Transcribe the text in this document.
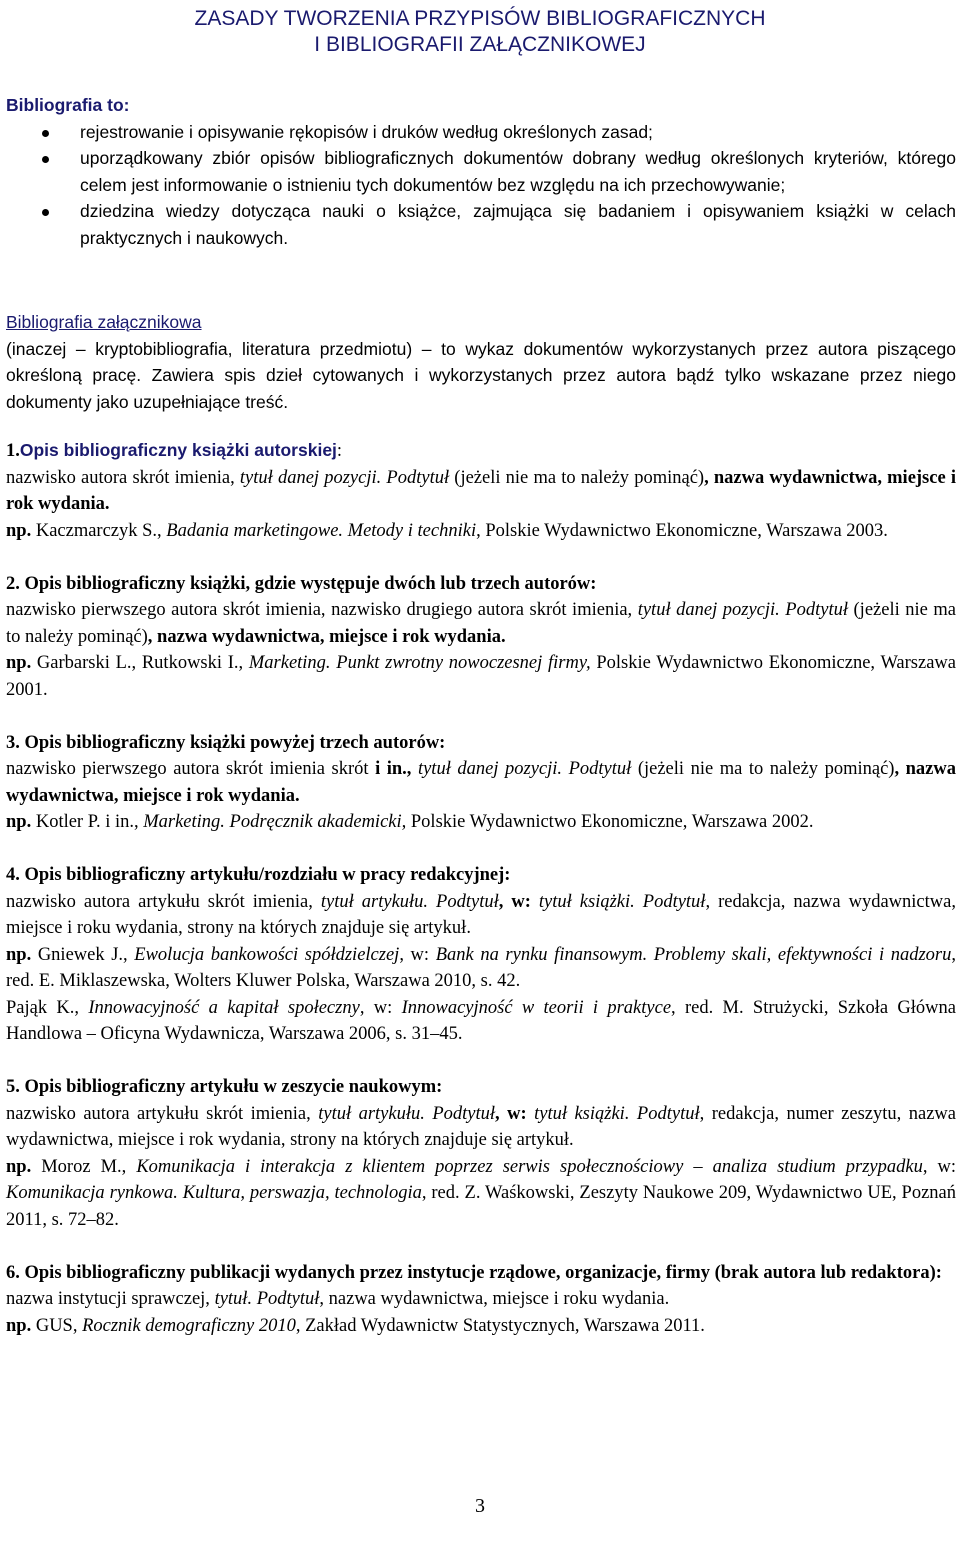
ZASADY TWORZENIA PRZYPISÓW BIBLIOGRAFICZNYCH
I BIBLIOGRAFII ZAŁĄCZNIKOWEJ
Bibliografia to:
rejestrowanie i opisywanie rękopisów i druków według określonych zasad;
uporządkowany zbiór opisów bibliograficznych dokumentów dobrany według określonych kryteriów, którego celem jest informowanie o istnieniu tych dokumentów bez względu na ich przechowywanie;
dziedzina wiedzy dotycząca nauki o książce, zajmująca się badaniem i opisywaniem książki w celach praktycznych i naukowych.
Bibliografia załącznikowa

(inaczej – kryptobibliografia, literatura przedmiotu) – to wykaz dokumentów wykorzystanych przez autora piszącego określoną pracę. Zawiera spis dzieł cytowanych i wykorzystanych przez autora bądź tylko wskazane przez niego dokumenty jako uzupełniające treść.

1.Opis bibliograficzny książki autorskiej:

nazwisko autora skrót imienia, tytuł danej pozycji. Podtytuł (jeżeli nie ma to należy pominąć), nazwa wydawnictwa, miejsce i rok wydania.

np. Kaczmarczyk S., Badania marketingowe. Metody i techniki, Polskie Wydawnictwo Ekonomiczne, Warszawa 2003.

2. Opis bibliograficzny książki, gdzie występuje dwóch lub trzech autorów:

nazwisko pierwszego autora skrót imienia, nazwisko drugiego autora skrót imienia, tytuł danej pozycji. Podtytuł (jeżeli nie ma to należy pominąć), nazwa wydawnictwa, miejsce i rok wydania.

np. Garbarski L., Rutkowski I., Marketing. Punkt zwrotny nowoczesnej firmy, Polskie Wydawnictwo Ekonomiczne, Warszawa 2001.

3. Opis bibliograficzny książki powyżej trzech autorów:

nazwisko pierwszego autora skrót imienia skrót i in., tytuł danej pozycji. Podtytuł (jeżeli nie ma to należy pominąć), nazwa wydawnictwa, miejsce i rok wydania.

np. Kotler P. i in., Marketing. Podręcznik akademicki, Polskie Wydawnictwo Ekonomiczne, Warszawa 2002.

4. Opis bibliograficzny artykułu/rozdziału w pracy redakcyjnej:

nazwisko autora artykułu skrót imienia, tytuł artykułu. Podtytuł, w: tytuł książki. Podtytuł, redakcja, nazwa wydawnictwa, miejsce i roku wydania, strony na których znajduje się artykuł.

np. Gniewek J., Ewolucja bankowości spółdzielczej, w: Bank na rynku finansowym. Problemy skali, efektywności i nadzoru, red. E. Miklaszewska, Wolters Kluwer Polska, Warszawa 2010, s. 42.

Pająk K., Innowacyjność a kapitał społeczny, w: Innowacyjność w teorii i praktyce, red. M. Strużycki, Szkoła Główna Handlowa – Oficyna Wydawnicza, Warszawa 2006, s. 31–45.

5. Opis bibliograficzny artykułu w zeszycie naukowym:

nazwisko autora artykułu skrót imienia, tytuł artykułu. Podtytuł, w: tytuł książki. Podtytuł, redakcja, numer zeszytu, nazwa wydawnictwa, miejsce i rok wydania, strony na których znajduje się artykuł.

np. Moroz M., Komunikacja i interakcja z klientem poprzez serwis społecznościowy – analiza studium przypadku, w: Komunikacja rynkowa. Kultura, perswazja, technologia, red. Z. Waśkowski, Zeszyty Naukowe 209, Wydawnictwo UE, Poznań 2011, s. 72–82.

6. Opis bibliograficzny publikacji wydanych przez instytucje rządowe, organizacje, firmy (brak autora lub redaktora):

nazwa instytucji sprawczej, tytuł. Podtytuł, nazwa wydawnictwa, miejsce i roku wydania.

np. GUS, Rocznik demograficzny 2010, Zakład Wydawnictw Statystycznych, Warszawa 2011.

3
